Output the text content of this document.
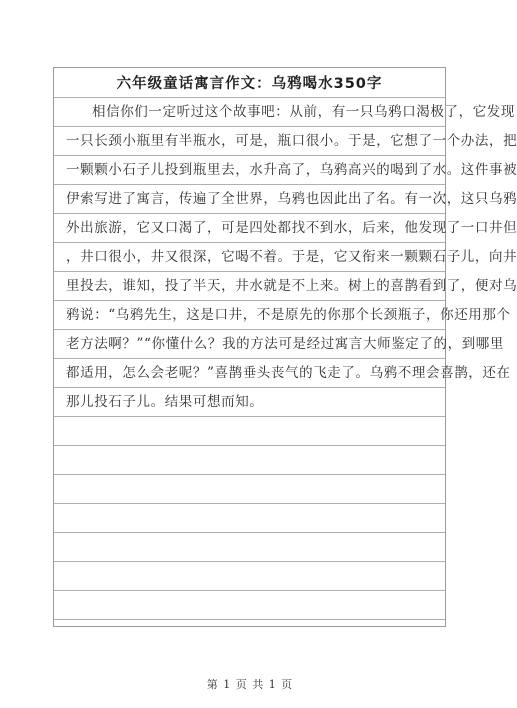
六年级童话寓言作文：乌鸦喝水350字
相信你们一定听过这个故事吧：从前，有一只乌鸦口渴极了，它发现
一只长颈小瓶里有半瓶水，可是，瓶口很小。于是，它想了一个办法，把
一颗颗小石子儿投到瓶里去，水升高了，乌鸦高兴的喝到了水。这件事被
伊索写进了寓言，传遍了全世界，乌鸦也因此出了名。有一次，这只乌鸦
外出旅游，它又口渴了，可是四处都找不到水，后来，他发现了一口井但
，井口很小，井又很深，它喝不着。于是，它又衔来一颗颗石子儿，向井
里投去，谁知，投了半天，井水就是不上来。树上的喜鹊看到了，便对乌
鸦说：“乌鸦先生，这是口井，不是原先的你那个长颈瓶子，你还用那个
老方法啊？”“你懂什么？我的方法可是经过寓言大师鉴定了的，到哪里
都适用，怎么会老呢？”喜鹊垂头丧气的飞走了。乌鸦不理会喜鹊，还在
那儿投石子儿。结果可想而知。
第 1 页 共 1 页
